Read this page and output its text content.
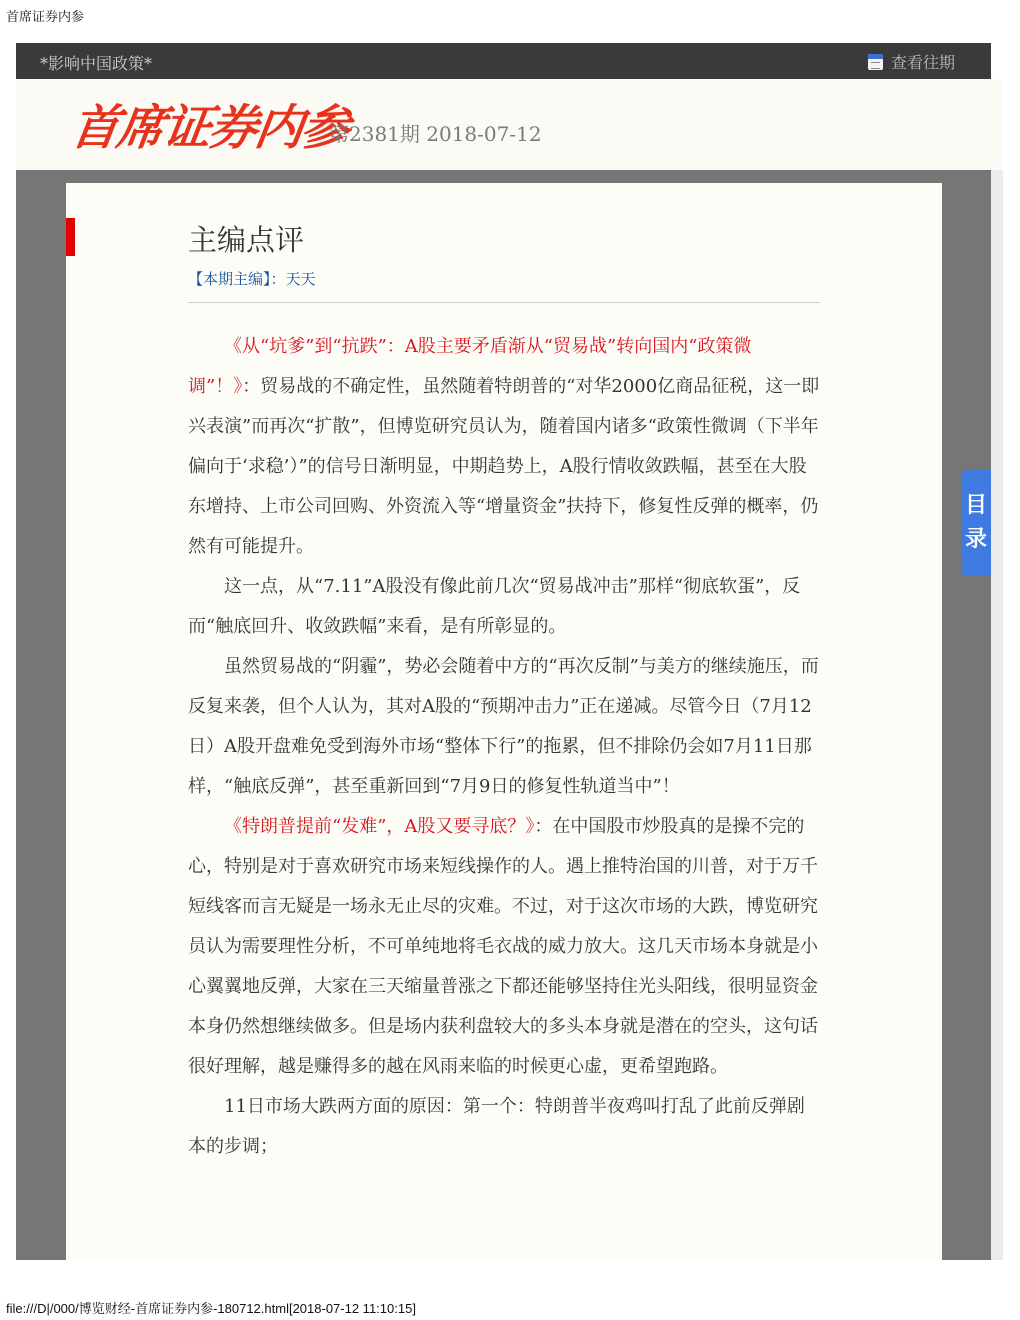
首席证券内参
*影响中国政策*	查看往期
首席证券内参
第2381期 2018-07-12
主编点评
【本期主编】：天天

《从“坑爹”到“抗跌”：A股主要矛盾渐从“贸易战”转向国内“政策微调”！》：贸易战的不确定性，虽然随着特朗普的“对华2000亿商品征税，这一即兴表演”而再次“扩散”，但博览研究员认为，随着国内诸多“政策性微调（下半年偏向于‘求稳’）”的信号日渐明显，中期趋势上，A股行情收敛跌幅，甚至在大股东增持、上市公司回购、外资流入等“增量资金”扶持下，修复性反弹的概率，仍然有可能提升。

这一点，从“7.11”A股没有像此前几次“贸易战冲击”那样“彻底软蛋”，反而“触底回升、收敛跌幅”来看，是有所彰显的。

虽然贸易战的“阴霾”，势必会随着中方的“再次反制”与美方的继续施压，而反复来袭，但个人认为，其对A股的“预期冲击力”正在递减。尽管今日（7月12日）A股开盘难免受到海外市场“整体下行”的拖累，但不排除仍会如7月11日那样，“触底反弹”，甚至重新回到“7月9日的修复性轨道当中”！

《特朗普提前“发难”，A股又要寻底？》：在中国股市炒股真的是操不完的心，特别是对于喜欢研究市场来短线操作的人。遇上推特治国的川普，对于万千短线客而言无疑是一场永无止尽的灾难。不过，对于这次市场的大跌，博览研究员认为需要理性分析，不可单纯地将毛衣战的威力放大。这几天市场本身就是小心翼翼地反弹，大家在三天缩量普涨之下都还能够坚持住光头阳线，很明显资金本身仍然想继续做多。但是场内获利盘较大的多头本身就是潜在的空头，这句话很好理解，越是赚得多的越在风雨来临的时候更心虚，更希望跑路。

11日市场大跌两方面的原因：第一个：特朗普半夜鸡叫打乱了此前反弹剧本的步调；

目
录
file:///D|/000/博览财经-首席证券内参-180712.html[2018-07-12 11:10:15]
